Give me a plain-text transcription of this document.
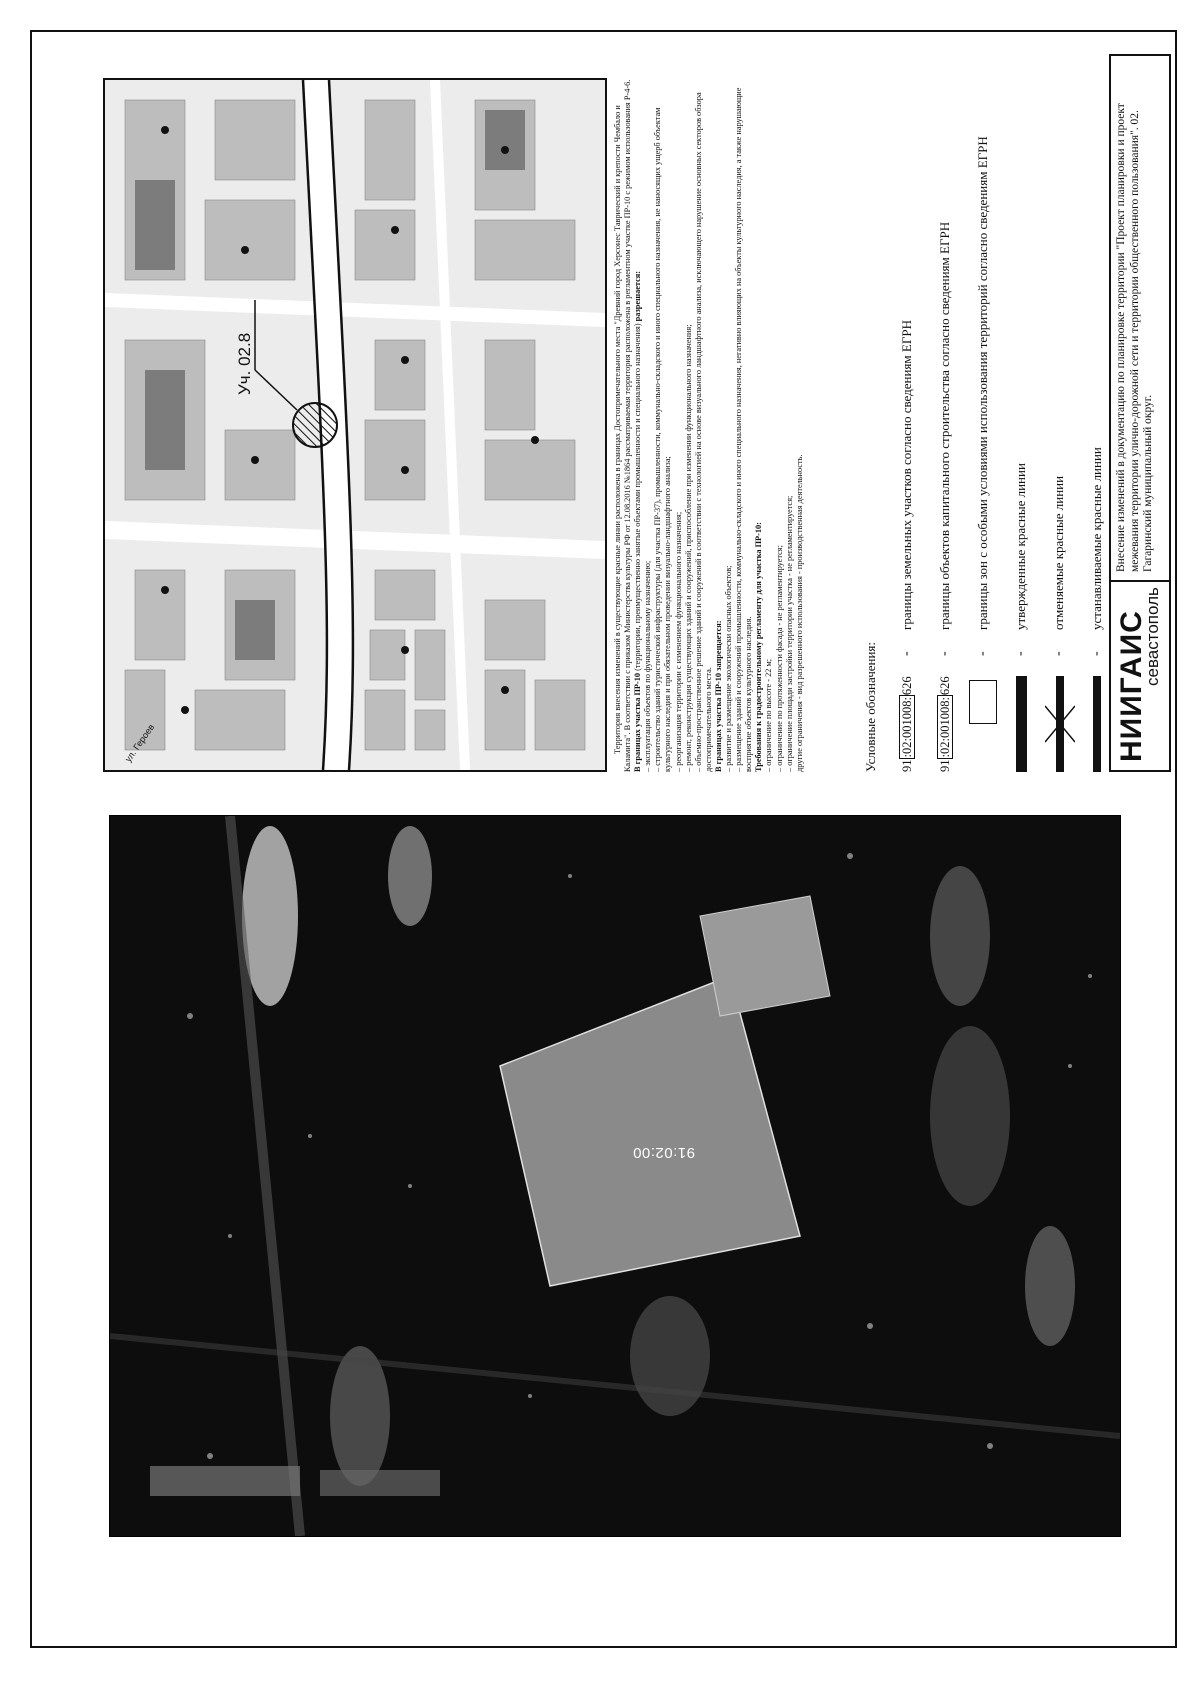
91:02:00
Уч. 02.8
ул. Героев	Территория внесения изменений в существующие красные линии расположена в границах Достопримечательного места "Древний город Херсонес Таврический и крепости Чембало и Каламита". В соответствии с приказом Министерства культуры РФ от 12.08.2016 №1864 рассматриваемая территория расположена в регламентном участке ПР-10 с режимом использования Р-4-6. В границах участка ПР-10 (территории, преимущественно занятые объектами промышленности и специального назначения) разрешается:

– эксплуатация объектов по функциональному назначению; – строительство зданий туристической инфраструктуры (для участка ПР-37), промышленности, коммунально-складского и иного специального назначения, не наносящих ущерб объектам культурного наследия и при обязательном проведении визуально-ландшафтного анализа; – реорганизация территории с изменением функционального назначения; – ремонт, реконструкция существующих зданий и сооружений, приспособление при изменении функционального назначения; – объемно-пространственное решение зданий и сооружений в соответствии с технологией на основе визуального ландшафтного анализа, исключающего нарушение основных секторов обзора достопримечательного места. В границах участка ПР-10 запрещается: – развитие и размещение экологически опасных объектов; – размещение зданий и сооружений промышленности, коммунально-складского и иного специального назначения, негативно влияющих на объекты культурного наследия, а также нарушающие восприятие объектов культурного наследия. Требования к градостроительному регламенту для участка ПР-10: – ограничение по высоте - 22 м; – ограничение по протяженности фасада - не регламентируется; – ограничение площади застройки территории участка - не регламентируется; другие ограничения - вид разрешенного использования - производственная деятельность.	Условные обозначения:	91:02:001008:626
-
границы земельных участков согласно сведениям ЕГРН
91:02:001008:626
-
границы объектов капитального строительства согласно сведениям ЕГРН
-
границы зон с особыми условиями использования территорий согласно сведениям ЕГРН
-
утвержденные красные линии
-
отменяемые красные линии
-
устанавливаемые красные линии
НИИГАИС
севастополь
Внесение изменений в документацию по планировке территории "Проект планировки и проект межевания территории улично-дорожной сети и территории общественного пользования". 02. Гагаринский муниципальный округ.
